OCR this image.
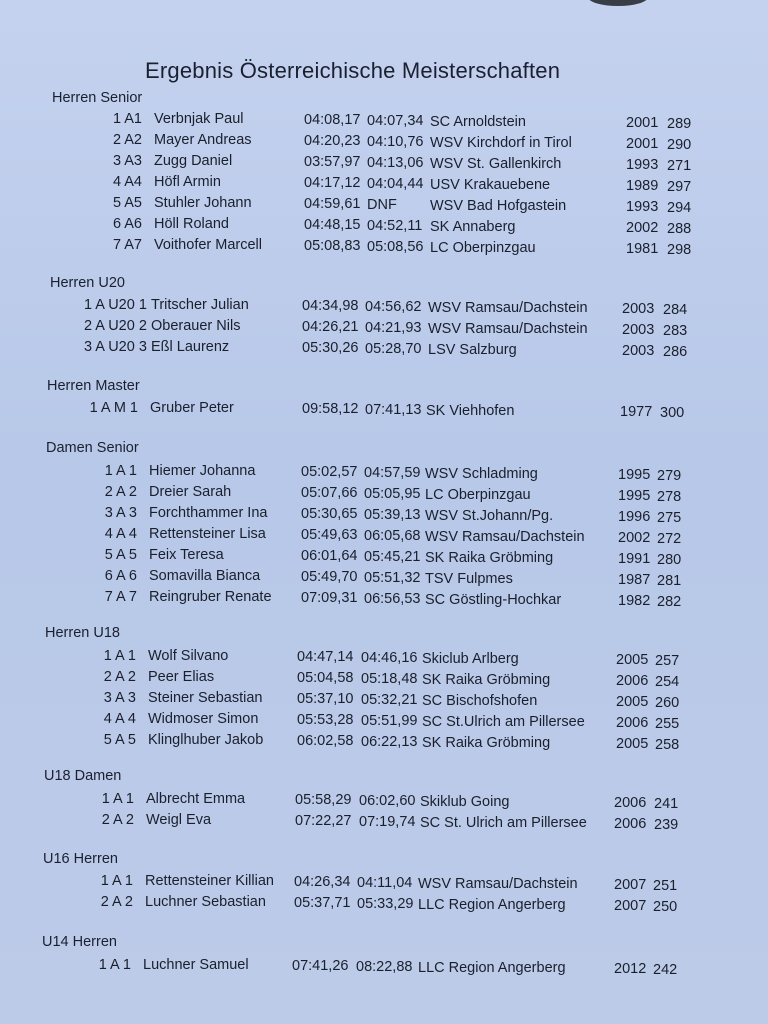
Ergebnis Österreichische Meisterschaften
Herren Senior
1 A1 Verbnjak Paul	04:08,17 04:07,34 SC Arnoldstein	2001 289
2 A2 Mayer Andreas	04:20,23 04:10,76 WSV Kirchdorf in Tirol	2001 290
3 A3 Zugg Daniel	03:57,97 04:13,06 WSV St. Gallenkirch	1993 271
4 A4 Höfl Armin	04:17,12 04:04,44 USV Krakauebene	1989 297
5 A5 Stuhler Johann	04:59,61 DNF WSV Bad Hofgastein	1993 294
6 A6 Höll Roland	04:48,15 04:52,11 SK Annaberg	2002 288
7 A7 Voithofer Marcell	05:08,83 05:08,56 LC Oberpinzgau	1981 298
Herren U20
1 A U20 1 Tritscher Julian	04:34,98 04:56,62 WSV Ramsau/Dachstein 2003 284
2 A U20 2 Oberauer Nils	04:26,21 04:21,93 WSV Ramsau/Dachstein 2003 283
3 A U20 3 Eßl Laurenz	05:30,26 05:28,70 LSV Salzburg	2003 286
Herren Master
1 A M 1 Gruber Peter	09:58,12 07:41,13 SK Viehhofen	1977 300
Damen Senior
1 A 1 Hiemer Johanna	05:02,57 04:57,59 WSV Schladming	1995 279
2 A 2 Dreier Sarah	05:07,66 05:05,95 LC Oberpinzgau	1995 278
3 A 3 Forchthammer Ina 05:30,65 05:39,13 WSV St.Johann/Pg.	1996 275
4 A 4 Rettensteiner Lisa 05:49,63 06:05,68 WSV Ramsau/Dachstein 2002 272
5 A 5 Feix Teresa	06:01,64 05:45,21 SK Raika Gröbming	1991 280
6 A 6 Somavilla Bianca	05:49,70 05:51,32 TSV Fulpmes	1987 281
7 A 7 Reingruber Renate 07:09,31 06:56,53 SC Göstling-Hochkar	1982 282
Herren U18
1 A 1 Wolf Silvano	04:47,14 04:46,16 Skiclub Arlberg	2005 257
2 A 2 Peer Elias	05:04,58 05:18,48 SK Raika Gröbming	2006 254
3 A 3 Steiner Sebastian 05:37,10 05:32,21 SC Bischofshofen	2005 260
4 A 4 Widmoser Simon	05:53,28 05:51,99 SC St.Ulrich am Pillersee 2006 255
5 A 5 Klinglhuber Jakob 06:02,58 06:22,13 SK Raika Gröbming	2005 258
U18 Damen
1 A 1 Albrecht Emma	05:58,29 06:02,60 Skiklub Going	2006 241
2 A 2 Weigl Eva	07:22,27 07:19,74 SC St. Ulrich am Pillersee 2006 239
U16 Herren
1 A 1 Rettensteiner Killian 04:26,34 04:11,04 WSV Ramsau/Dachstein	2007 251
2 A 2 Luchner Sebastian 05:37,71 05:33,29 LLC Region Angerberg	2007 250
U14 Herren
1 A 1 Luchner Samuel	07:41,26 08:22,88 LLC Region Angerberg	2012 242
